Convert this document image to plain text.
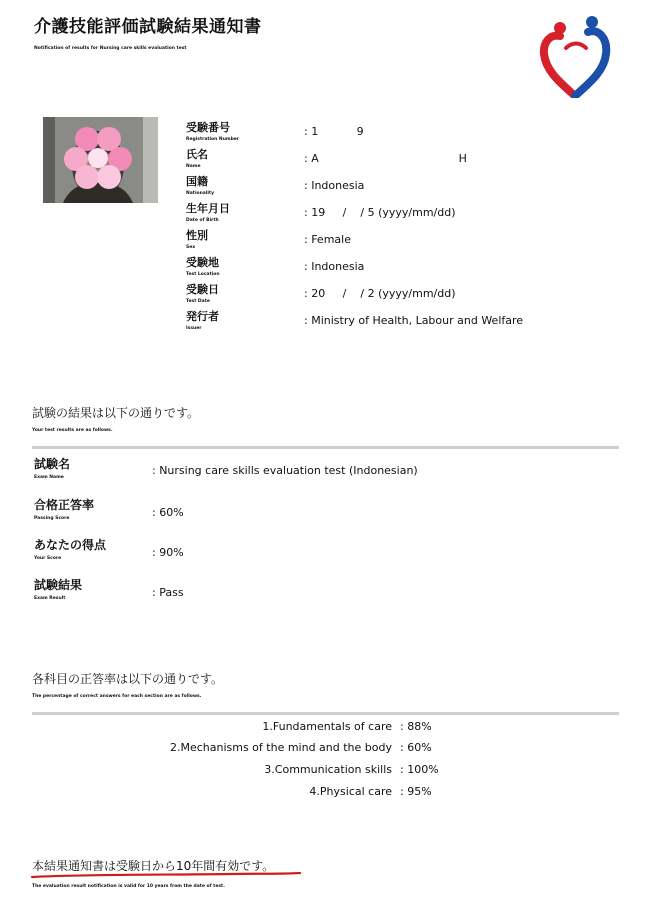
介護技能評価試験結果通知書
Notification of results for Nursing care skills evaluation test
受験番号
Registration Number
: 1           9
氏名
Name
: A                                        H
国籍
Nationality
: Indonesia
生年月日
Date of Birth
: 19     /    / 5 (yyyy/mm/dd)
性別
Sex
: Female
受験地
Test Location
: Indonesia
受験日
Test Date
: 20     /    / 2 (yyyy/mm/dd)
発行者
Issuer
: Ministry of Health, Labour and Welfare
試験の結果は以下の通りです。
Your test results are as follows.
試験名
Exam Name
: Nursing care skills evaluation test (Indonesian)
合格正答率
Passing Score	: 60%
あなたの得点
Your Score	: 90%
試験結果
Exam Result	: Pass
各科目の正答率は以下の通りです。
The percentage of correct answers for each section are as follows.
1.Fundamentals of care : 88%
2.Mechanisms of the mind and the body : 60%
3.Communication skills : 100%
4.Physical care : 95%
本結果通知書は受験日から10年間有効です。
The evaluation result notification is valid for 10 years from the date of test.
